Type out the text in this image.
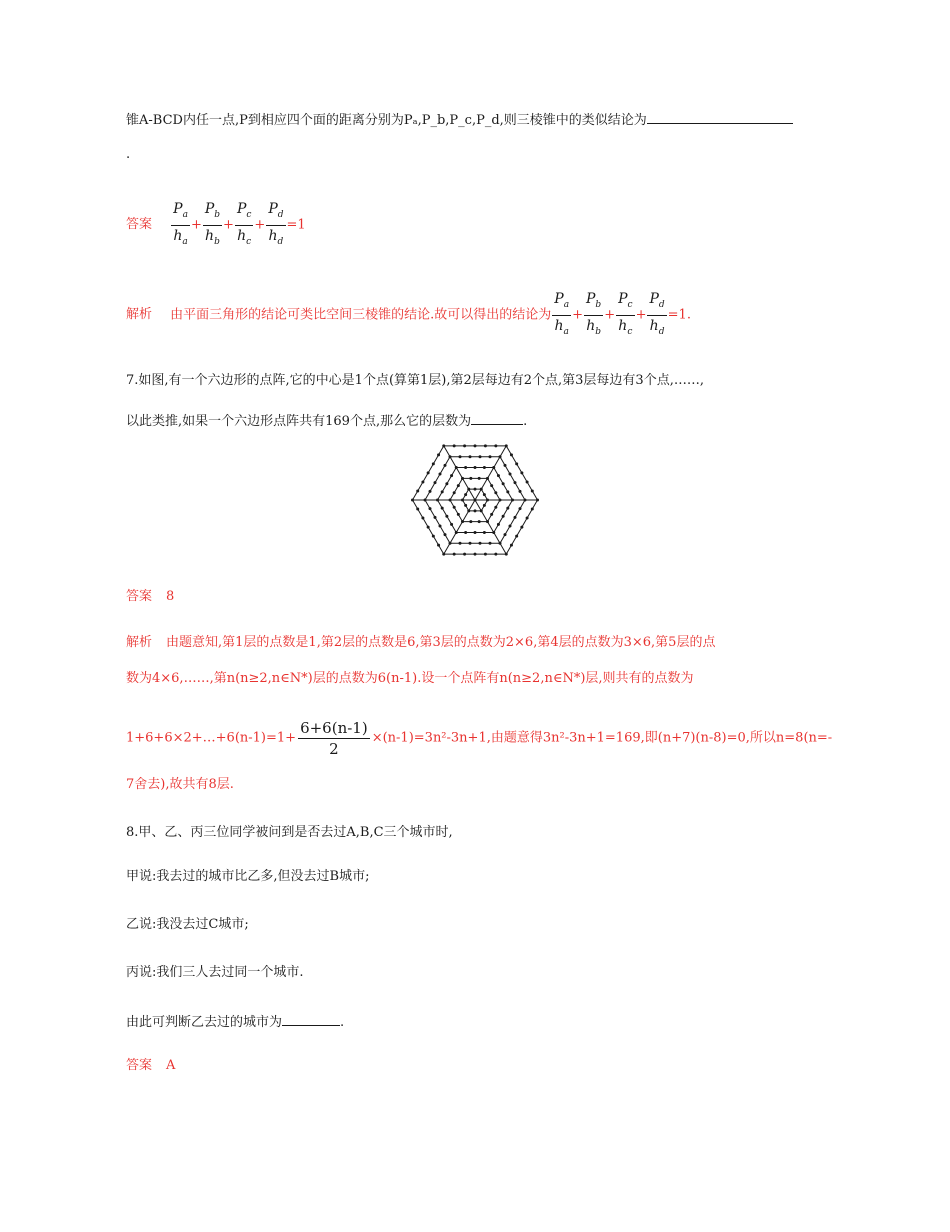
锥A-BCD内任一点,P到相应四个面的距离分别为Pₐ,P_b,P_c,P_d,则三棱锥中的类似结论为
.
答案 $\frac{P_a}{h_a} + \frac{P_b}{h_b} + \frac{P_c}{h_c} + \frac{P_d}{h_d} =1$
解析 由平面三角形的结论可类比空间三棱锥的结论.故可以得出的结论为 $\frac{P_a}{h_a} + \frac{P_b}{h_b} + \frac{P_c}{h_c} + \frac{P_d}{h_d} =1$.
7.如图,有一个六边形的点阵,它的中心是1个点(算第1层),第2层每边有2个点,第3层每边有3个点,……,
以此类推,如果一个六边形点阵共有169个点,那么它的层数为	.
答案 8
解析 由题意知,第1层的点数是1,第2层的点数是6,第3层的点数为2×6,第4层的点数为3×6,第5层的点
数为4×6,……,第n(n≥2,n∈N*)层的点数为6(n-1).设一个点阵有n(n≥2,n∈N*)层,则共有的点数为
1+6+6×2+…+6(n-1)=1+ $\frac{6+6(n-1)}{2} \times(n-1)=3n^2-3n+1$,由题意得3n²-3n+1=169,即(n+7)(n-8)=0,所以n=8(n=-
7舍去),故共有8层.
8.甲、乙、丙三位同学被问到是否去过A,B,C三个城市时,
甲说:我去过的城市比乙多,但没去过B城市;
乙说:我没去过C城市;
丙说:我们三人去过同一个城市.
由此可判断乙去过的城市为	.
答案 A
